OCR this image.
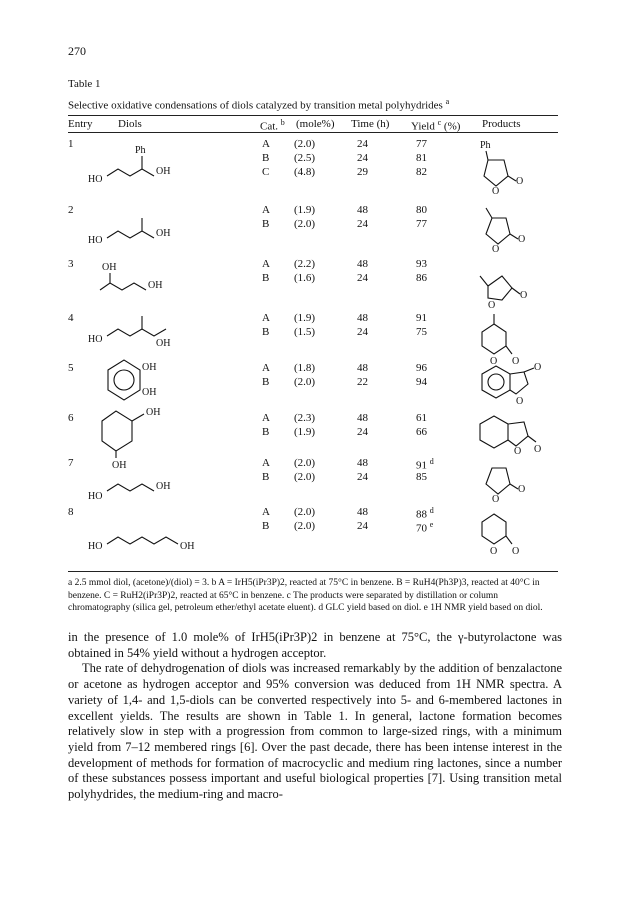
270
Table 1
Selective oxidative condensations of diols catalyzed by transition metal polyhydrides $^a$
Entry Diols	Cat. $^b$ (mole%) Time (h) Yield $^c$ (%) Products
1	A (2.0)	24	77
B (2.5)	24	81
C (4.8)	29	82
2	A (1.9)	48	80
B (2.0)	24	77
3	A (2.2)	48	93
B (1.6)	24	86
4	A (1.9)	48	91
B (1.5)	24	75
5	A (1.8)	48	96
B (2.0)	22	94
6	A (2.3)	48	61
B (1.9)	24	66
7	A (2.0)	48	91 $^d$
B (2.0)	24	85
8	A (2.0)	48	88 $^d$
B (2.0)	24	70 $^e$
HO
Ph
OH
HO
OH
OH
OH
HO	OH
OH
OH
OH
OH
HO
OH
HO	OH
Ph
O
O
O
O
O
O
O
O
O
O
O
O
O
O
O
O

a 2.5 mmol diol, (acetone)/(diol) = 3. b A = IrH5(iPr3P)2, reacted at 75°C in benzene. B = RuH4(Ph3P)3, reacted at 40°C in benzene. C = RuH2(iPr3P)2, reacted at 65°C in benzene. c The products were separated by distillation or column chromatography (silica gel, petroleum ether/ethyl acetate eluent). d GLC yield based on diol. e 1H NMR yield based on diol.

in the presence of 1.0 mole% of IrH5(iPr3P)2 in benzene at 75°C, the γ-butyrolactone was obtained in 54% yield without a hydrogen acceptor.

The rate of dehydrogenation of diols was increased remarkably by the addition of benzalactone or acetone as hydrogen acceptor and 95% conversion was deduced from 1H NMR spectra. A variety of 1,4- and 1,5-diols can be converted respectively into 5- and 6-membered lactones in excellent yields. The results are shown in Table 1. In general, lactone formation becomes relatively slow in step with a progression from common to large-sized rings, with a minimum yield from 7–12 membered rings [6]. Over the past decade, there has been intense interest in the development of methods for formation of macrocyclic and medium ring lactones, since a number of these substances possess important and useful biological properties [7]. Using transition metal polyhydrides, the medium-ring and macro-
